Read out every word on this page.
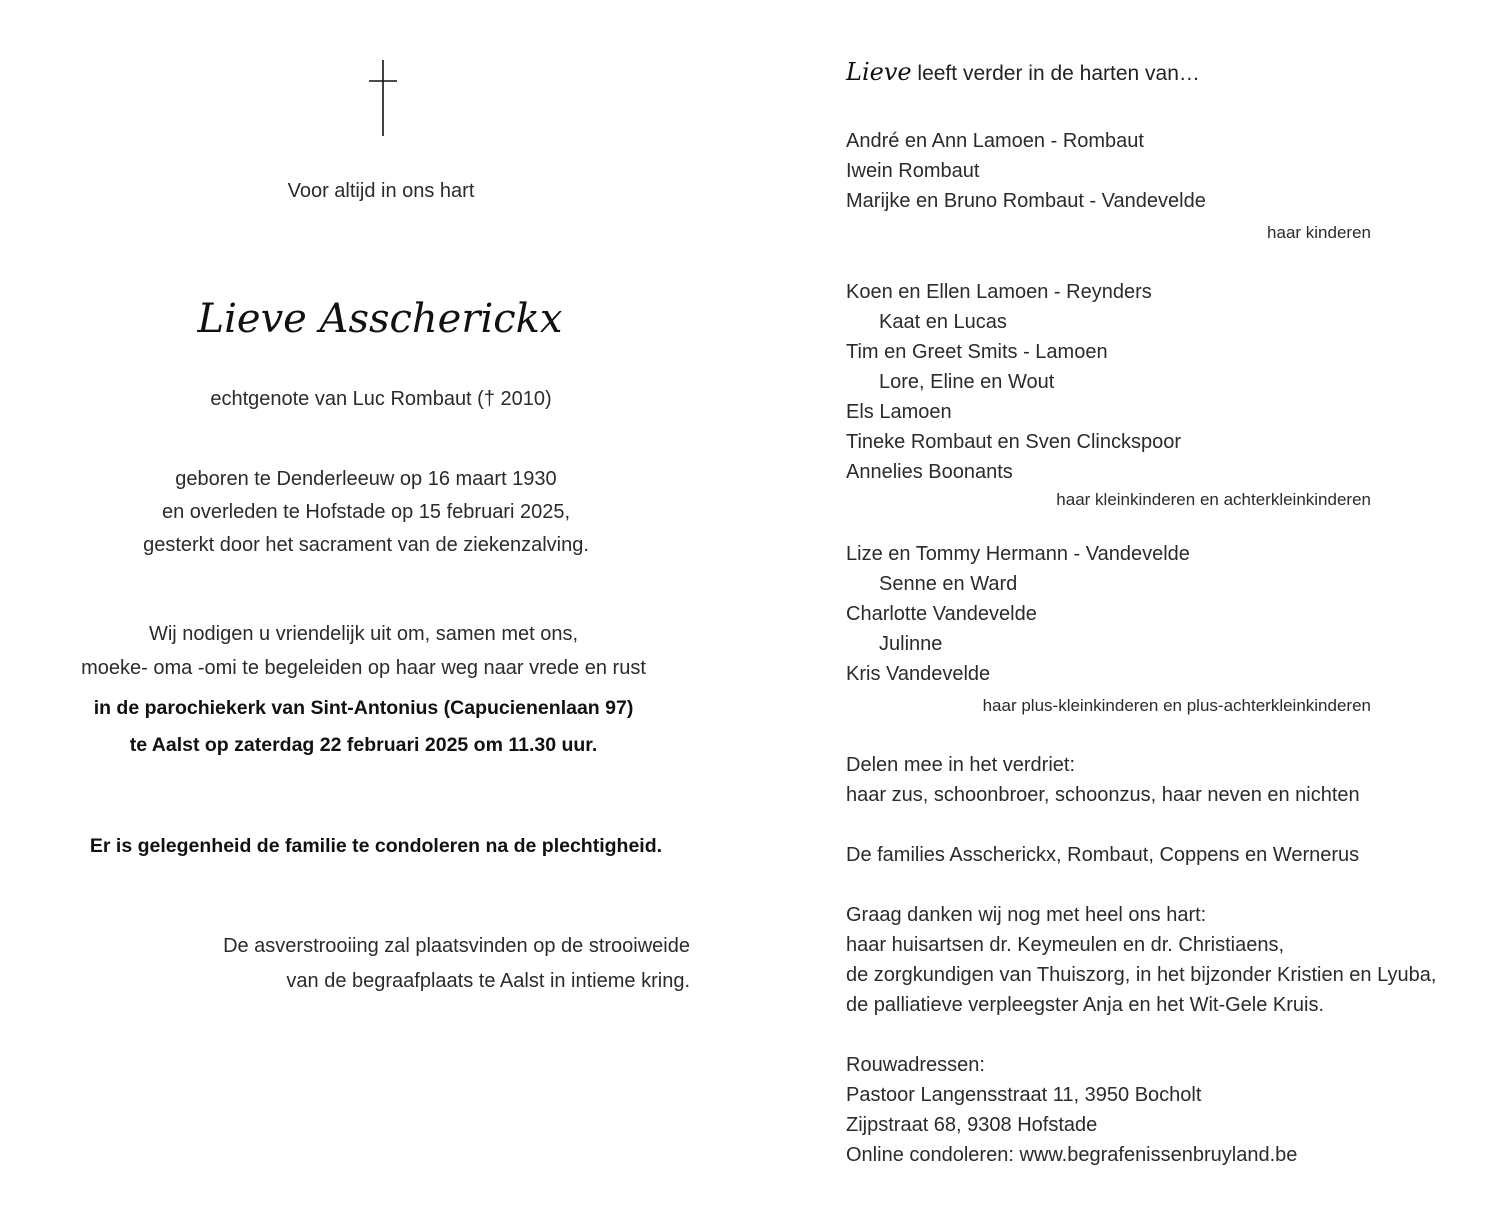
Voor altijd in ons hart
Lieve Asscherickx
echtgenote van Luc Rombaut († 2010)
geboren te Denderleeuw op 16 maart 1930
en overleden te Hofstade op 15 februari 2025,
gesterkt door het sacrament van de ziekenzalving.
Wij nodigen u vriendelijk uit om, samen met ons,
moeke- oma -omi te begeleiden op haar weg naar vrede en rust
in de parochiekerk van Sint-Antonius (Capucienenlaan 97)
te Aalst op zaterdag 22 februari 2025 om 11.30 uur.
Er is gelegenheid de familie te condoleren na de plechtigheid.
De asverstrooiing zal plaatsvinden op de strooiweide
van de begraafplaats te Aalst in intieme kring.
Lieve leeft verder in de harten van…
André en Ann Lamoen - Rombaut
Iwein Rombaut
Marijke en Bruno Rombaut - Vandevelde
haar kinderen
Koen en Ellen Lamoen - Reynders
Kaat en Lucas
Tim en Greet Smits - Lamoen
Lore, Eline en Wout
Els Lamoen
Tineke Rombaut en Sven Clinckspoor
Annelies Boonants
haar kleinkinderen en achterkleinkinderen
Lize en Tommy Hermann - Vandevelde
Senne en Ward
Charlotte Vandevelde
Julinne
Kris Vandevelde
haar plus-kleinkinderen en plus-achterkleinkinderen
Delen mee in het verdriet:
haar zus, schoonbroer, schoonzus, haar neven en nichten
De families Asscherickx, Rombaut, Coppens en Wernerus
Graag danken wij nog met heel ons hart:
haar huisartsen dr. Keymeulen en dr. Christiaens,
de zorgkundigen van Thuiszorg, in het bijzonder Kristien en Lyuba,
de palliatieve verpleegster Anja en het Wit-Gele Kruis.
Rouwadressen:
Pastoor Langensstraat 11, 3950 Bocholt
Zijpstraat 68, 9308 Hofstade
Online condoleren: www.begrafenissenbruyland.be
